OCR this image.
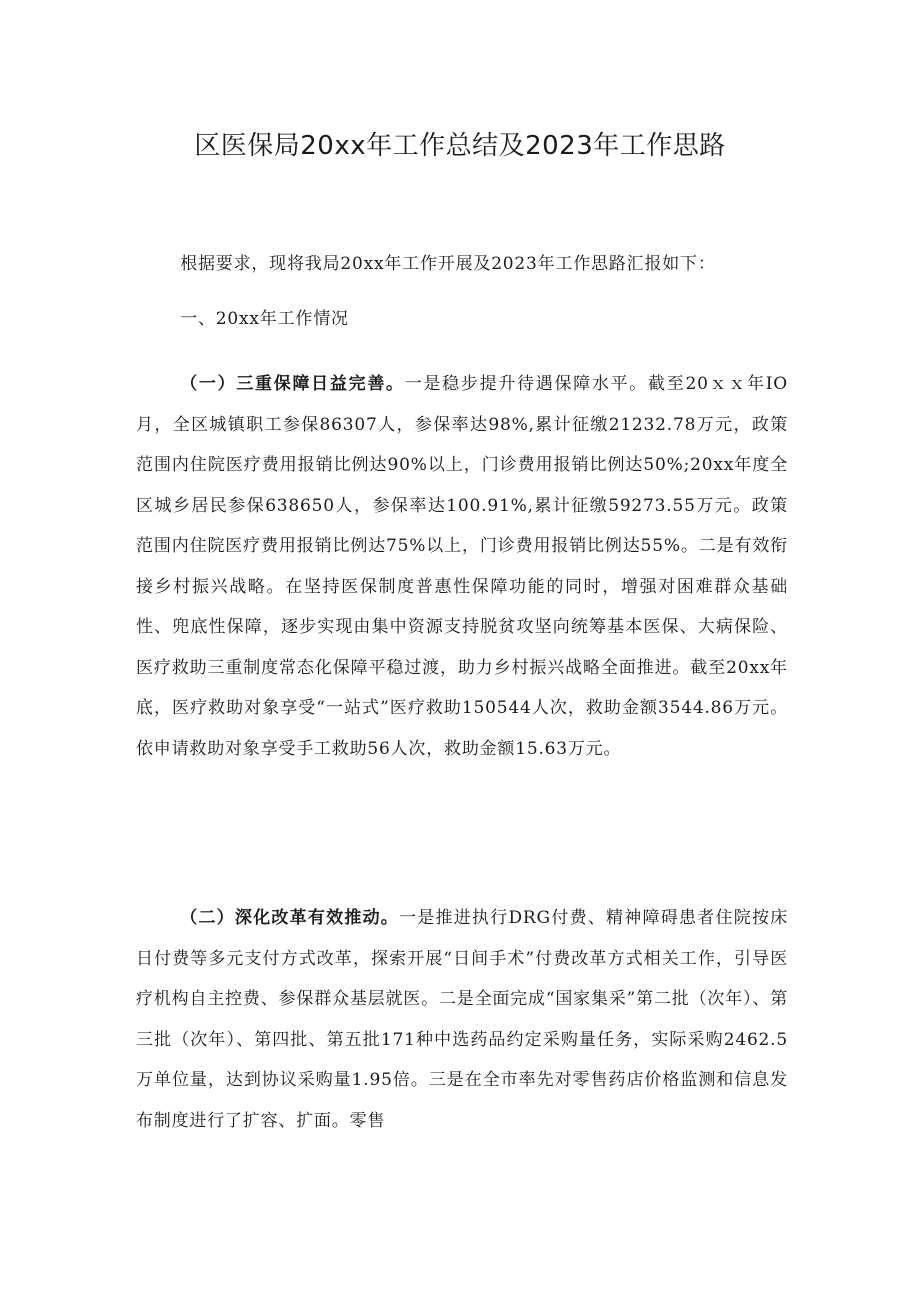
区医保局20xx年工作总结及2023年工作思路

根据要求，现将我局20xx年工作开展及2023年工作思路汇报如下：

一、20xx年工作情况

（一）三重保障日益完善。一是稳步提升待遇保障水平。截至20ｘｘ年IO月，全区城镇职工参保86307人，参保率达98%,累计征缴21232.78万元，政策范围内住院医疗费用报销比例达90%以上，门诊费用报销比例达50%;20xx年度全区城乡居民参保638650人，参保率达100.91%,累计征缴59273.55万元。政策范围内住院医疗费用报销比例达75%以上，门诊费用报销比例达55%。二是有效衔接乡村振兴战略。在坚持医保制度普惠性保障功能的同时，增强对困难群众基础性、兜底性保障，逐步实现由集中资源支持脱贫攻坚向统筹基本医保、大病保险、医疗救助三重制度常态化保障平稳过渡，助力乡村振兴战略全面推进。截至20xx年底，医疗救助对象享受“一站式”医疗救助150544人次，救助金额3544.86万元。依申请救助对象享受手工救助56人次，救助金额15.63万元。

（二）深化改革有效推动。一是推进执行DRG付费、精神障碍患者住院按床日付费等多元支付方式改革，探索开展“日间手术”付费改革方式相关工作，引导医疗机构自主控费、参保群众基层就医。二是全面完成“国家集采”第二批（次年）、第三批（次年）、第四批、第五批171种中选药品约定采购量任务，实际采购2462.5万单位量，达到协议采购量1.95倍。三是在全市率先对零售药店价格监测和信息发布制度进行了扩容、扩面。零售
